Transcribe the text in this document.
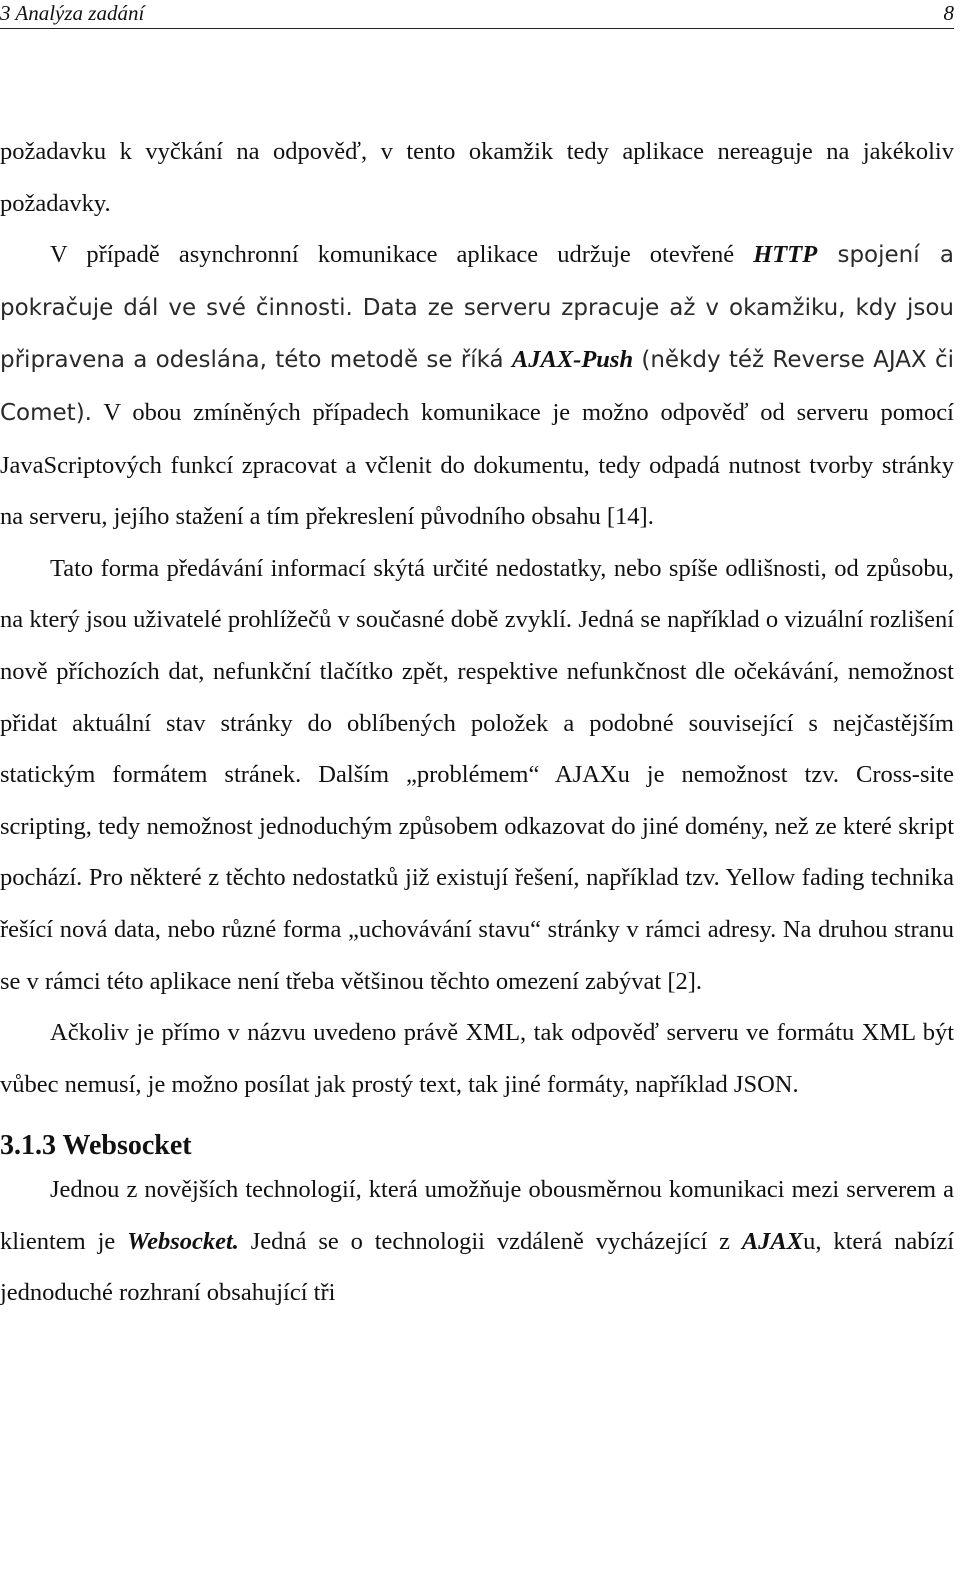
3 Analýza zadání	8

požadavku k vyčkání na odpověď, v tento okamžik tedy aplikace nereaguje na jakékoliv požadavky.

V případě asynchronní komunikace aplikace udržuje otevřené HTTP spojení a pokračuje dál ve své činnosti. Data ze serveru zpracuje až v okamžiku, kdy jsou připravena a odeslána, této metodě se říká AJAX-Push (někdy též Reverse AJAX či Comet). V obou zmíněných případech komunikace je možno odpověď od serveru pomocí JavaScriptových funkcí zpracovat a včlenit do dokumentu, tedy odpadá nutnost tvorby stránky na serveru, jejího stažení a tím překreslení původního obsahu [14].

Tato forma předávání informací skýtá určité nedostatky, nebo spíše odlišnosti, od způsobu, na který jsou uživatelé prohlížečů v současné době zvyklí. Jedná se například o vizuální rozlišení nově příchozích dat, nefunkční tlačítko zpět, respektive nefunkčnost dle očekávání, nemožnost přidat aktuální stav stránky do oblíbených položek a podobné související s nejčastějším statickým formátem stránek. Dalším „problémem“ AJAXu je nemožnost tzv. Cross-site scripting, tedy nemožnost jednoduchým způsobem odkazovat do jiné domény, než ze které skript pochází. Pro některé z těchto nedostatků již existují řešení, například tzv. Yellow fading technika řešící nová data, nebo různé forma „uchovávání stavu“ stránky v rámci adresy. Na druhou stranu se v rámci této aplikace není třeba většinou těchto omezení zabývat [2].

Ačkoliv je přímo v názvu uvedeno právě XML, tak odpověď serveru ve formátu XML být vůbec nemusí, je možno posílat jak prostý text, tak jiné formáty, například JSON.

3.1.3 Websocket

Jednou z novějších technologií, která umožňuje obousměrnou komunikaci mezi serverem a klientem je Websocket. Jedná se o technologii vzdáleně vycházející z AJAXu, která nabízí jednoduché rozhraní obsahující tři
